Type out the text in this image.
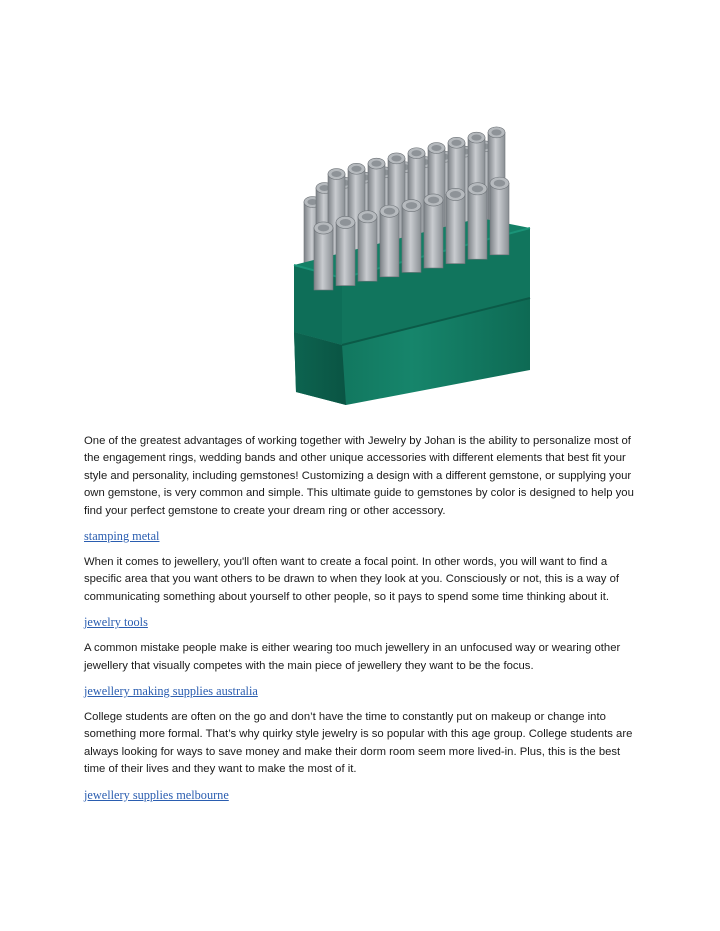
One of the greatest advantages of working together with Jewelry by Johan is the ability to personalize most of the engagement rings, wedding bands and other unique accessories with different elements that best fit your style and personality, including gemstones! Customizing a design with a different gemstone, or supplying your own gemstone, is very common and simple. This ultimate guide to gemstones by color is designed to help you find your perfect gemstone to create your dream ring or other accessory.

stamping metal

When it comes to jewellery, you'll often want to create a focal point. In other words, you will want to find a specific area that you want others to be drawn to when they look at you. Consciously or not, this is a way of communicating something about yourself to other people, so it pays to spend some time thinking about it.

jewelry tools

A common mistake people make is either wearing too much jewellery in an unfocused way or wearing other jewellery that visually competes with the main piece of jewellery they want to be the focus.

jewellery making supplies australia

College students are often on the go and don’t have the time to constantly put on makeup or change into something more formal. That’s why quirky style jewelry is so popular with this age group. College students are always looking for ways to save money and make their dorm room seem more lived-in. Plus, this is the best time of their lives and they want to make the most of it.

jewellery supplies melbourne
